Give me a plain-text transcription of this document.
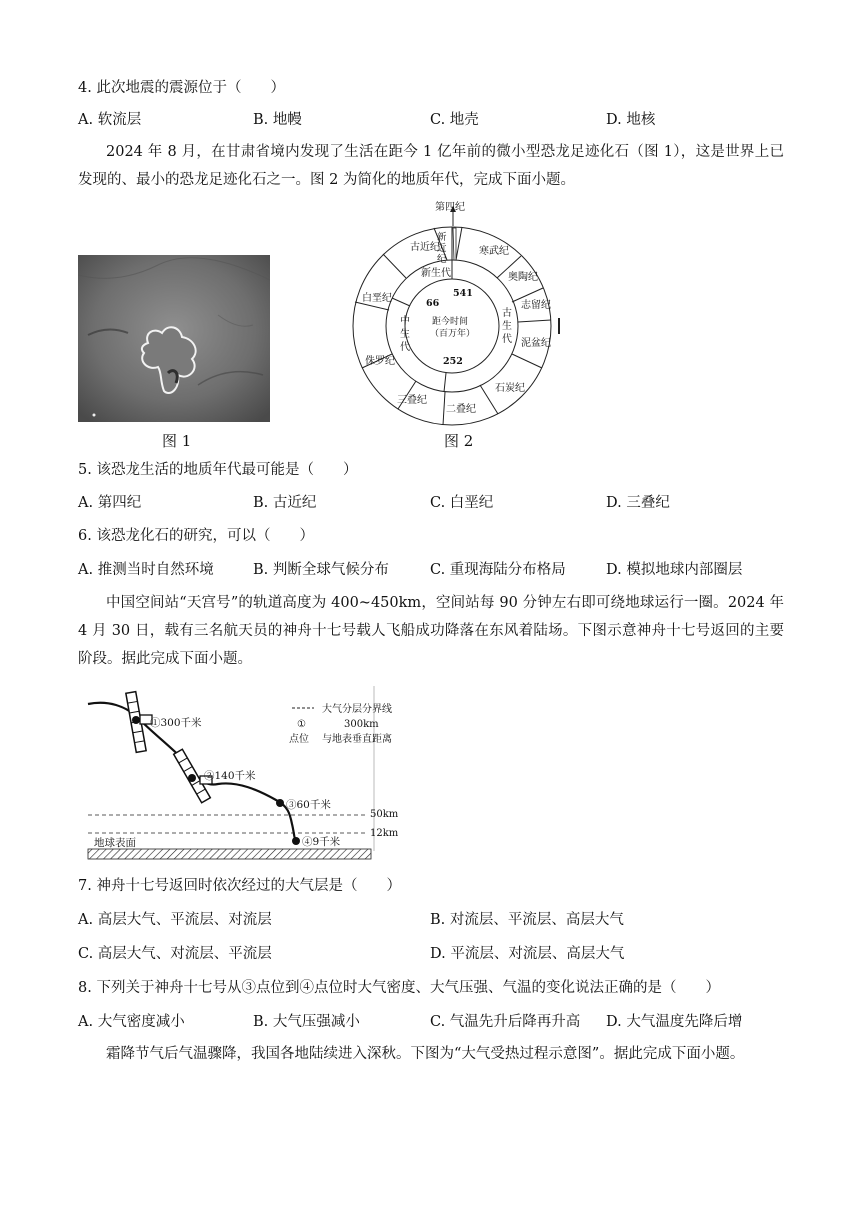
4. 此次地震的震源位于（　　）
A. 软流层	B. 地幔	C. 地壳	D. 地核
2024 年 8 月，在甘肃省境内发现了生活在距今 1 亿年前的微小型恐龙足迹化石（图 1），这是世界上已发现的、最小的恐龙足迹化石之一。图 2 为简化的地质年代，完成下面小题。
图 1
第四纪
古近纪
新
近
纪
寒武纪
奥陶纪
志留纪
泥盆纪
石炭纪
二叠纪
三叠纪
侏罗纪
白垩纪
新生代
中
生
代
古
生
代
541
66
252
距今时间
（百万年）
图 2
5. 该恐龙生活的地质年代最可能是（　　）
A. 第四纪	B. 古近纪	C. 白垩纪	D. 三叠纪
6. 该恐龙化石的研究，可以（　　）
A. 推测当时自然环境	B. 判断全球气候分布	C. 重现海陆分布格局	D. 模拟地球内部圈层
中国空间站“天宫号”的轨道高度为 400~450km，空间站每 90 分钟左右即可绕地球运行一圈。2024 年 4 月 30 日，载有三名航天员的神舟十七号载人飞船成功降落在东风着陆场。下图示意神舟十七号返回的主要阶段。据此完成下面小题。
①300千米
②140千米
③60千米
④9千米
50km
12km
地球表面
大气分层分界线
①	300km
点位 与地表垂直距离
7. 神舟十七号返回时依次经过的大气层是（　　）
A. 高层大气、平流层、对流层	B. 对流层、平流层、高层大气
C. 高层大气、对流层、平流层	D. 平流层、对流层、高层大气
8. 下列关于神舟十七号从③点位到④点位时大气密度、大气压强、气温的变化说法正确的是（　　）
A. 大气密度减小	B. 大气压强减小	C. 气温先升后降再升高 D. 大气温度先降后增
霜降节气后气温骤降，我国各地陆续进入深秋。下图为“大气受热过程示意图”。据此完成下面小题。
